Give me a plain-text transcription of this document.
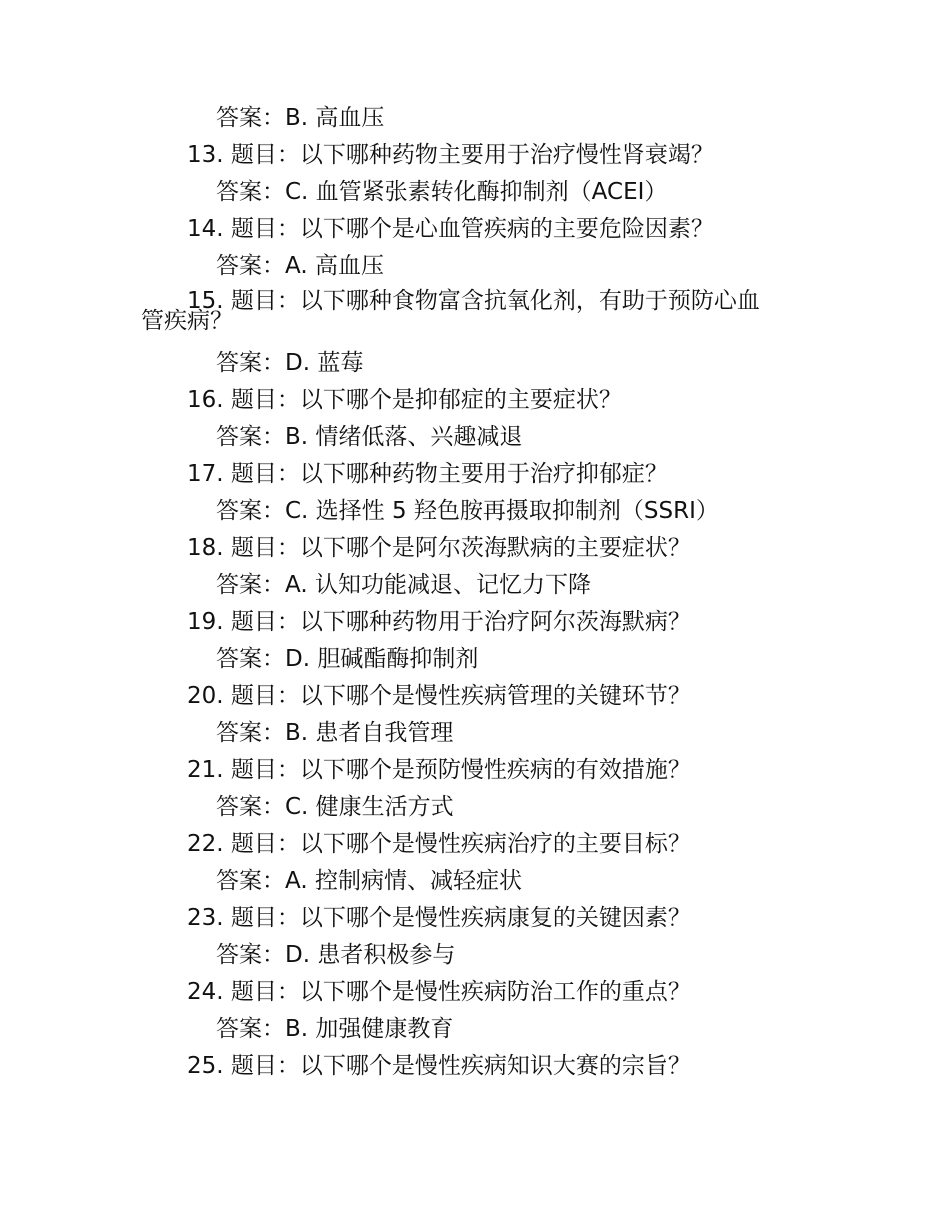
答案：B. 高血压
13. 题目：以下哪种药物主要用于治疗慢性肾衰竭？
答案：C. 血管紧张素转化酶抑制剂（ACEI）
14. 题目：以下哪个是心血管疾病的主要危险因素？
答案：A. 高血压
15. 题目：以下哪种食物富含抗氧化剂，有助于预防心血
管疾病？
答案：D. 蓝莓
16. 题目：以下哪个是抑郁症的主要症状？
答案：B. 情绪低落、兴趣减退
17. 题目：以下哪种药物主要用于治疗抑郁症？
答案：C. 选择性 5 羟色胺再摄取抑制剂（SSRI）
18. 题目：以下哪个是阿尔茨海默病的主要症状？
答案：A. 认知功能减退、记忆力下降
19. 题目：以下哪种药物用于治疗阿尔茨海默病？
答案：D. 胆碱酯酶抑制剂
20. 题目：以下哪个是慢性疾病管理的关键环节？
答案：B. 患者自我管理
21. 题目：以下哪个是预防慢性疾病的有效措施？
答案：C. 健康生活方式
22. 题目：以下哪个是慢性疾病治疗的主要目标？
答案：A. 控制病情、减轻症状
23. 题目：以下哪个是慢性疾病康复的关键因素？
答案：D. 患者积极参与
24. 题目：以下哪个是慢性疾病防治工作的重点？
答案：B. 加强健康教育
25. 题目：以下哪个是慢性疾病知识大赛的宗旨？
